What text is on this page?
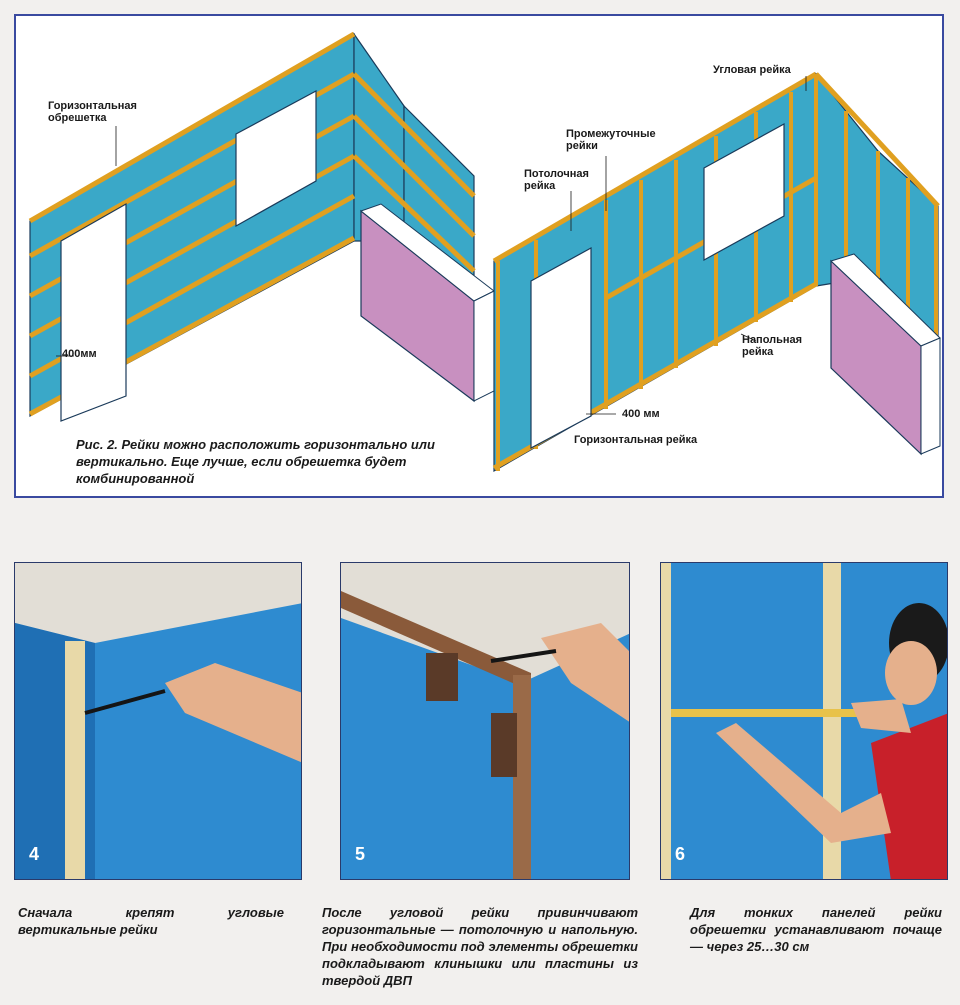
Горизонтальная
обрешетка
400мм
Угловая рейка
Промежуточные
рейки
Потолочная
рейка
Напольная
рейка
400 мм
Горизонтальная рейка
Рис. 2. Рейки можно расположить горизонтально или вертикально. Еще лучше, если обрешетка будет комбинированной
4	5	6
Сначала крепят угловые вертикальные рейки
После угловой рейки привинчивают горизонтальные — потолочную и напольную. При необходимости под элементы обрешетки подкладывают клинышки или пластины из твердой ДВП
Для тонких панелей рейки обрешетки устанавливают почаще — через 25…30 см
